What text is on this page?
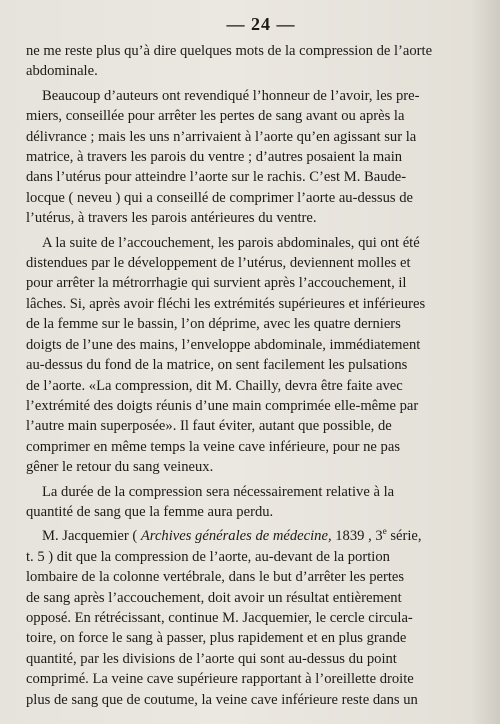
— 24 —

ne me reste plus qu’à dire quelques mots de la compression de l’aorte
abdominale.

Beaucoup d’auteurs ont revendiqué l’honneur de l’avoir, les pre-
miers, conseillée pour arrêter les pertes de sang avant ou après la
délivrance ; mais les uns n’arrivaient à l’aorte qu’en agissant sur la
matrice, à travers les parois du ventre ; d’autres posaient la main
dans l’utérus pour atteindre l’aorte sur le rachis. C’est M. Baude-
locque ( neveu ) qui a conseillé de comprimer l’aorte au-dessus de
l’utérus, à travers les parois antérieures du ventre.

A la suite de l’accouchement, les parois abdominales, qui ont été
distendues par le développement de l’utérus, deviennent molles et
pour arrêter la métrorrhagie qui survient après l’accouchement, il
lâches. Si, après avoir fléchi les extrémités supérieures et inférieures
de la femme sur le bassin, l’on déprime, avec les quatre derniers
doigts de l’une des mains, l’enveloppe abdominale, immédiatement
au-dessus du fond de la matrice, on sent facilement les pulsations
de l’aorte. «La compression, dit M. Chailly, devra être faite avec
l’extrémité des doigts réunis d’une main comprimée elle-même par
l’autre main superposée». Il faut éviter, autant que possible, de
comprimer en même temps la veine cave inférieure, pour ne pas
gêner le retour du sang veineux.

La durée de la compression sera nécessairement relative à la
quantité de sang que la femme aura perdu.

M. Jacquemier ( Archives générales de médecine, 1839 , 3e série,
t. 5 ) dit que la compression de l’aorte, au-devant de la portion
lombaire de la colonne vertébrale, dans le but d’arrêter les pertes
de sang après l’accouchement, doit avoir un résultat entièrement
opposé. En rétrécissant, continue M. Jacquemier, le cercle circula-
toire, on force le sang à passer, plus rapidement et en plus grande
quantité, par les divisions de l’aorte qui sont au-dessus du point
comprimé. La veine cave supérieure rapportant à l’oreillette droite
plus de sang que de coutume, la veine cave inférieure reste dans un
